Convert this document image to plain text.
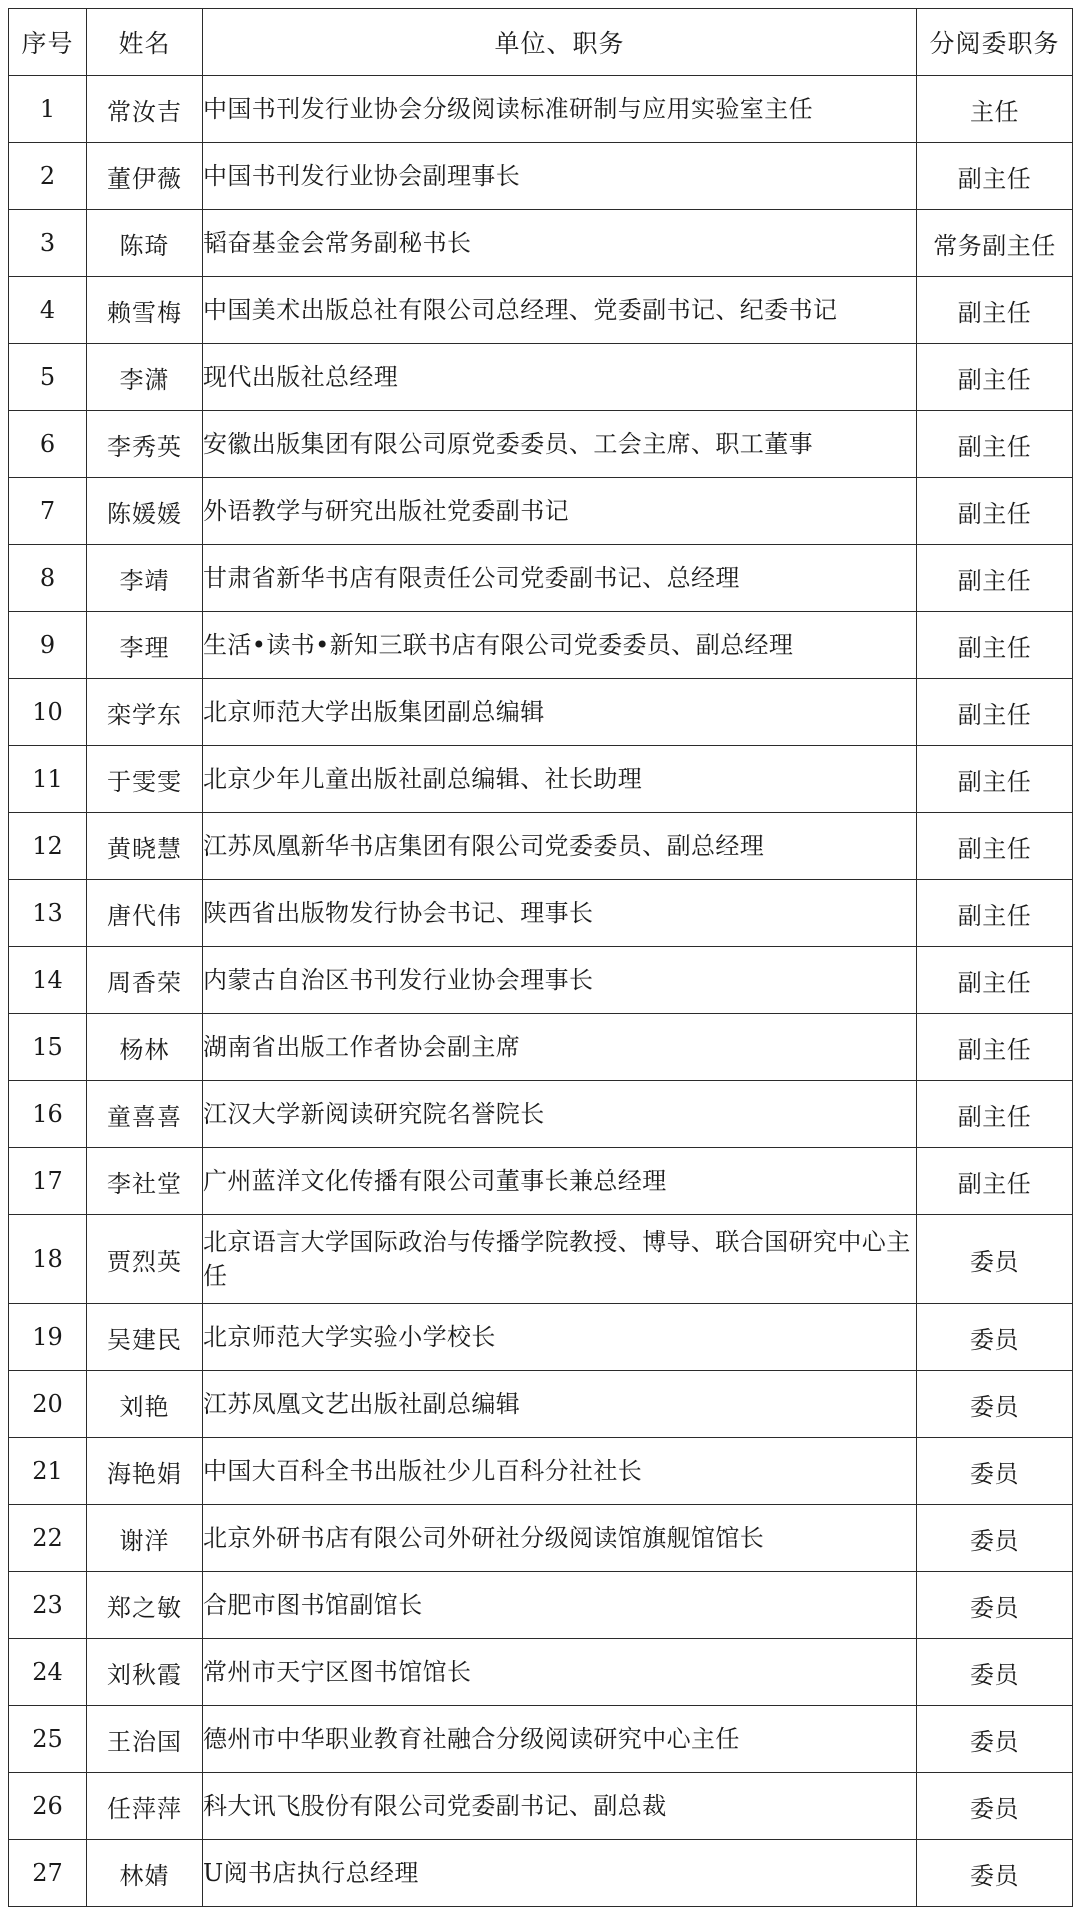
序号	姓名	单位、职务	分阅委职务
1	常汝吉	中国书刊发行业协会分级阅读标准研制与应用实验室主任	主任
2	董伊薇	中国书刊发行业协会副理事长	副主任
3	陈琦	韬奋基金会常务副秘书长	常务副主任
4	赖雪梅	中国美术出版总社有限公司总经理、党委副书记、纪委书记	副主任
5	李潇	现代出版社总经理	副主任
6	李秀英	安徽出版集团有限公司原党委委员、工会主席、职工董事	副主任
7	陈媛媛	外语教学与研究出版社党委副书记	副主任
8	李靖	甘肃省新华书店有限责任公司党委副书记、总经理	副主任
9	李理	生活•读书•新知三联书店有限公司党委委员、副总经理	副主任
10	栾学东	北京师范大学出版集团副总编辑	副主任
11	于雯雯	北京少年儿童出版社副总编辑、社长助理	副主任
12	黄晓慧	江苏凤凰新华书店集团有限公司党委委员、副总经理	副主任
13	唐代伟	陕西省出版物发行协会书记、理事长	副主任
14	周香荣	内蒙古自治区书刊发行业协会理事长	副主任
15	杨林	湖南省出版工作者协会副主席	副主任
16	童喜喜	江汉大学新阅读研究院名誉院长	副主任
17	李社堂	广州蓝洋文化传播有限公司董事长兼总经理	副主任
18	贾烈英	北京语言大学国际政治与传播学院教授、博导、联合国研究中心主任	委员
19	吴建民	北京师范大学实验小学校长	委员
20	刘艳	江苏凤凰文艺出版社副总编辑	委员
21	海艳娟	中国大百科全书出版社少儿百科分社社长	委员
22	谢洋	北京外研书店有限公司外研社分级阅读馆旗舰馆馆长	委员
23	郑之敏	合肥市图书馆副馆长	委员
24	刘秋霞	常州市天宁区图书馆馆长	委员
25	王治国	德州市中华职业教育社融合分级阅读研究中心主任	委员
26	任萍萍	科大讯飞股份有限公司党委副书记、副总裁	委员
27	林婧	U阅书店执行总经理	委员
